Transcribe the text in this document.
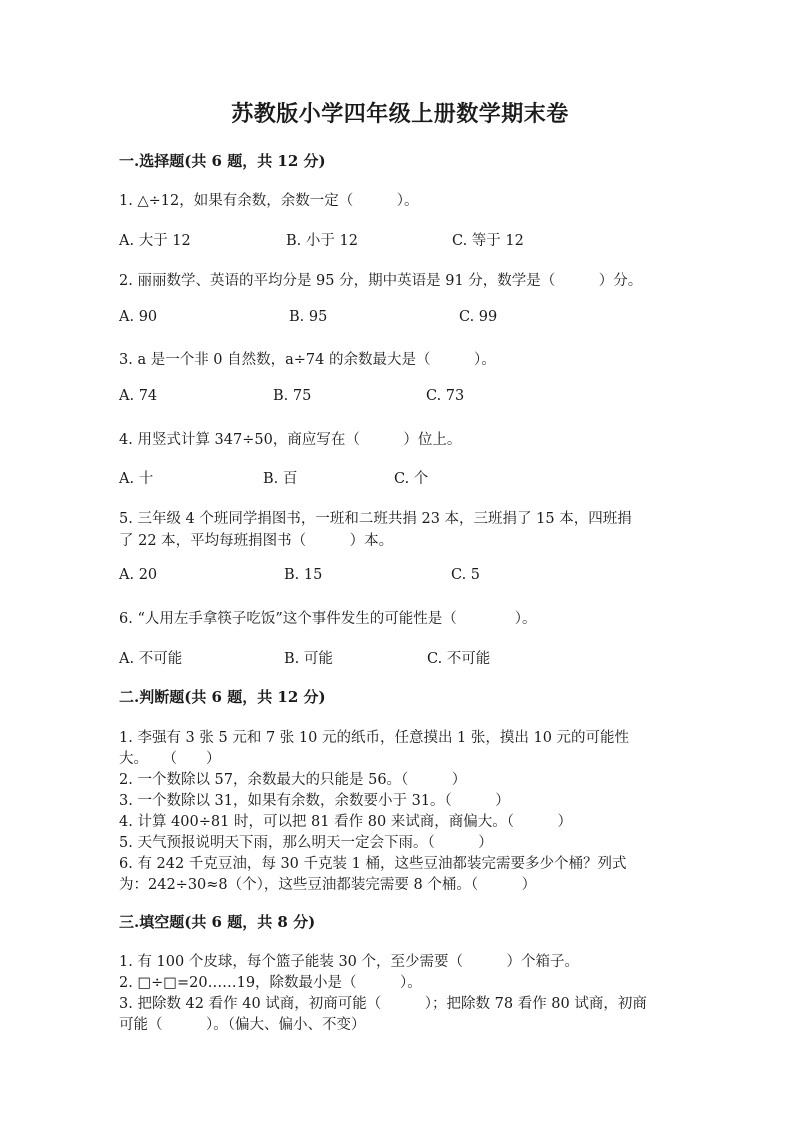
苏教版小学四年级上册数学期末卷
一.选择题(共 6 题，共 12 分)
1. △÷12，如果有余数，余数一定（　　　）。
A. 大于 12	B. 小于 12	C. 等于 12
2. 丽丽数学、英语的平均分是 95 分，期中英语是 91 分，数学是（　　　）分。
A. 90	B. 95	C. 99
3. a 是一个非 0 自然数，a÷74 的余数最大是（　　　）。
A. 74	B. 75	C. 73
4. 用竖式计算 347÷50，商应写在（　　　）位上。
A. 十	B. 百	C. 个
5. 三年级 4 个班同学捐图书，一班和二班共捐 23 本，三班捐了 15 本，四班捐
了 22 本，平均每班捐图书（　　　）本。
A. 20	B. 15	C. 5
6. “人用左手拿筷子吃饭”这个事件发生的可能性是（　　　　）。
A. 不可能	B. 可能	C. 不可能
二.判断题(共 6 题，共 12 分)
1. 李强有 3 张 5 元和 7 张 10 元的纸币，任意摸出 1 张，摸出 10 元的可能性
大。　　（　　）
2. 一个数除以 57，余数最大的只能是 56。（　　　）
3. 一个数除以 31，如果有余数，余数要小于 31。（　　　）
4. 计算 400÷81 时，可以把 81 看作 80 来试商，商偏大。（　　　）
5. 天气预报说明天下雨，那么明天一定会下雨。（　　　）
6. 有 242 千克豆油，每 30 千克装 1 桶，这些豆油都装完需要多少个桶？列式
为：242÷30≈8（个），这些豆油都装完需要 8 个桶。（　　　）
三.填空题(共 6 题，共 8 分)
1. 有 100 个皮球，每个篮子能装 30 个，至少需要（　　　）个箱子。
2. □÷□=20……19，除数最小是（　　　）。
3. 把除数 42 看作 40 试商，初商可能（　　　）；把除数 78 看作 80 试商，初商
可能（　　　）。（偏大、偏小、不变）
